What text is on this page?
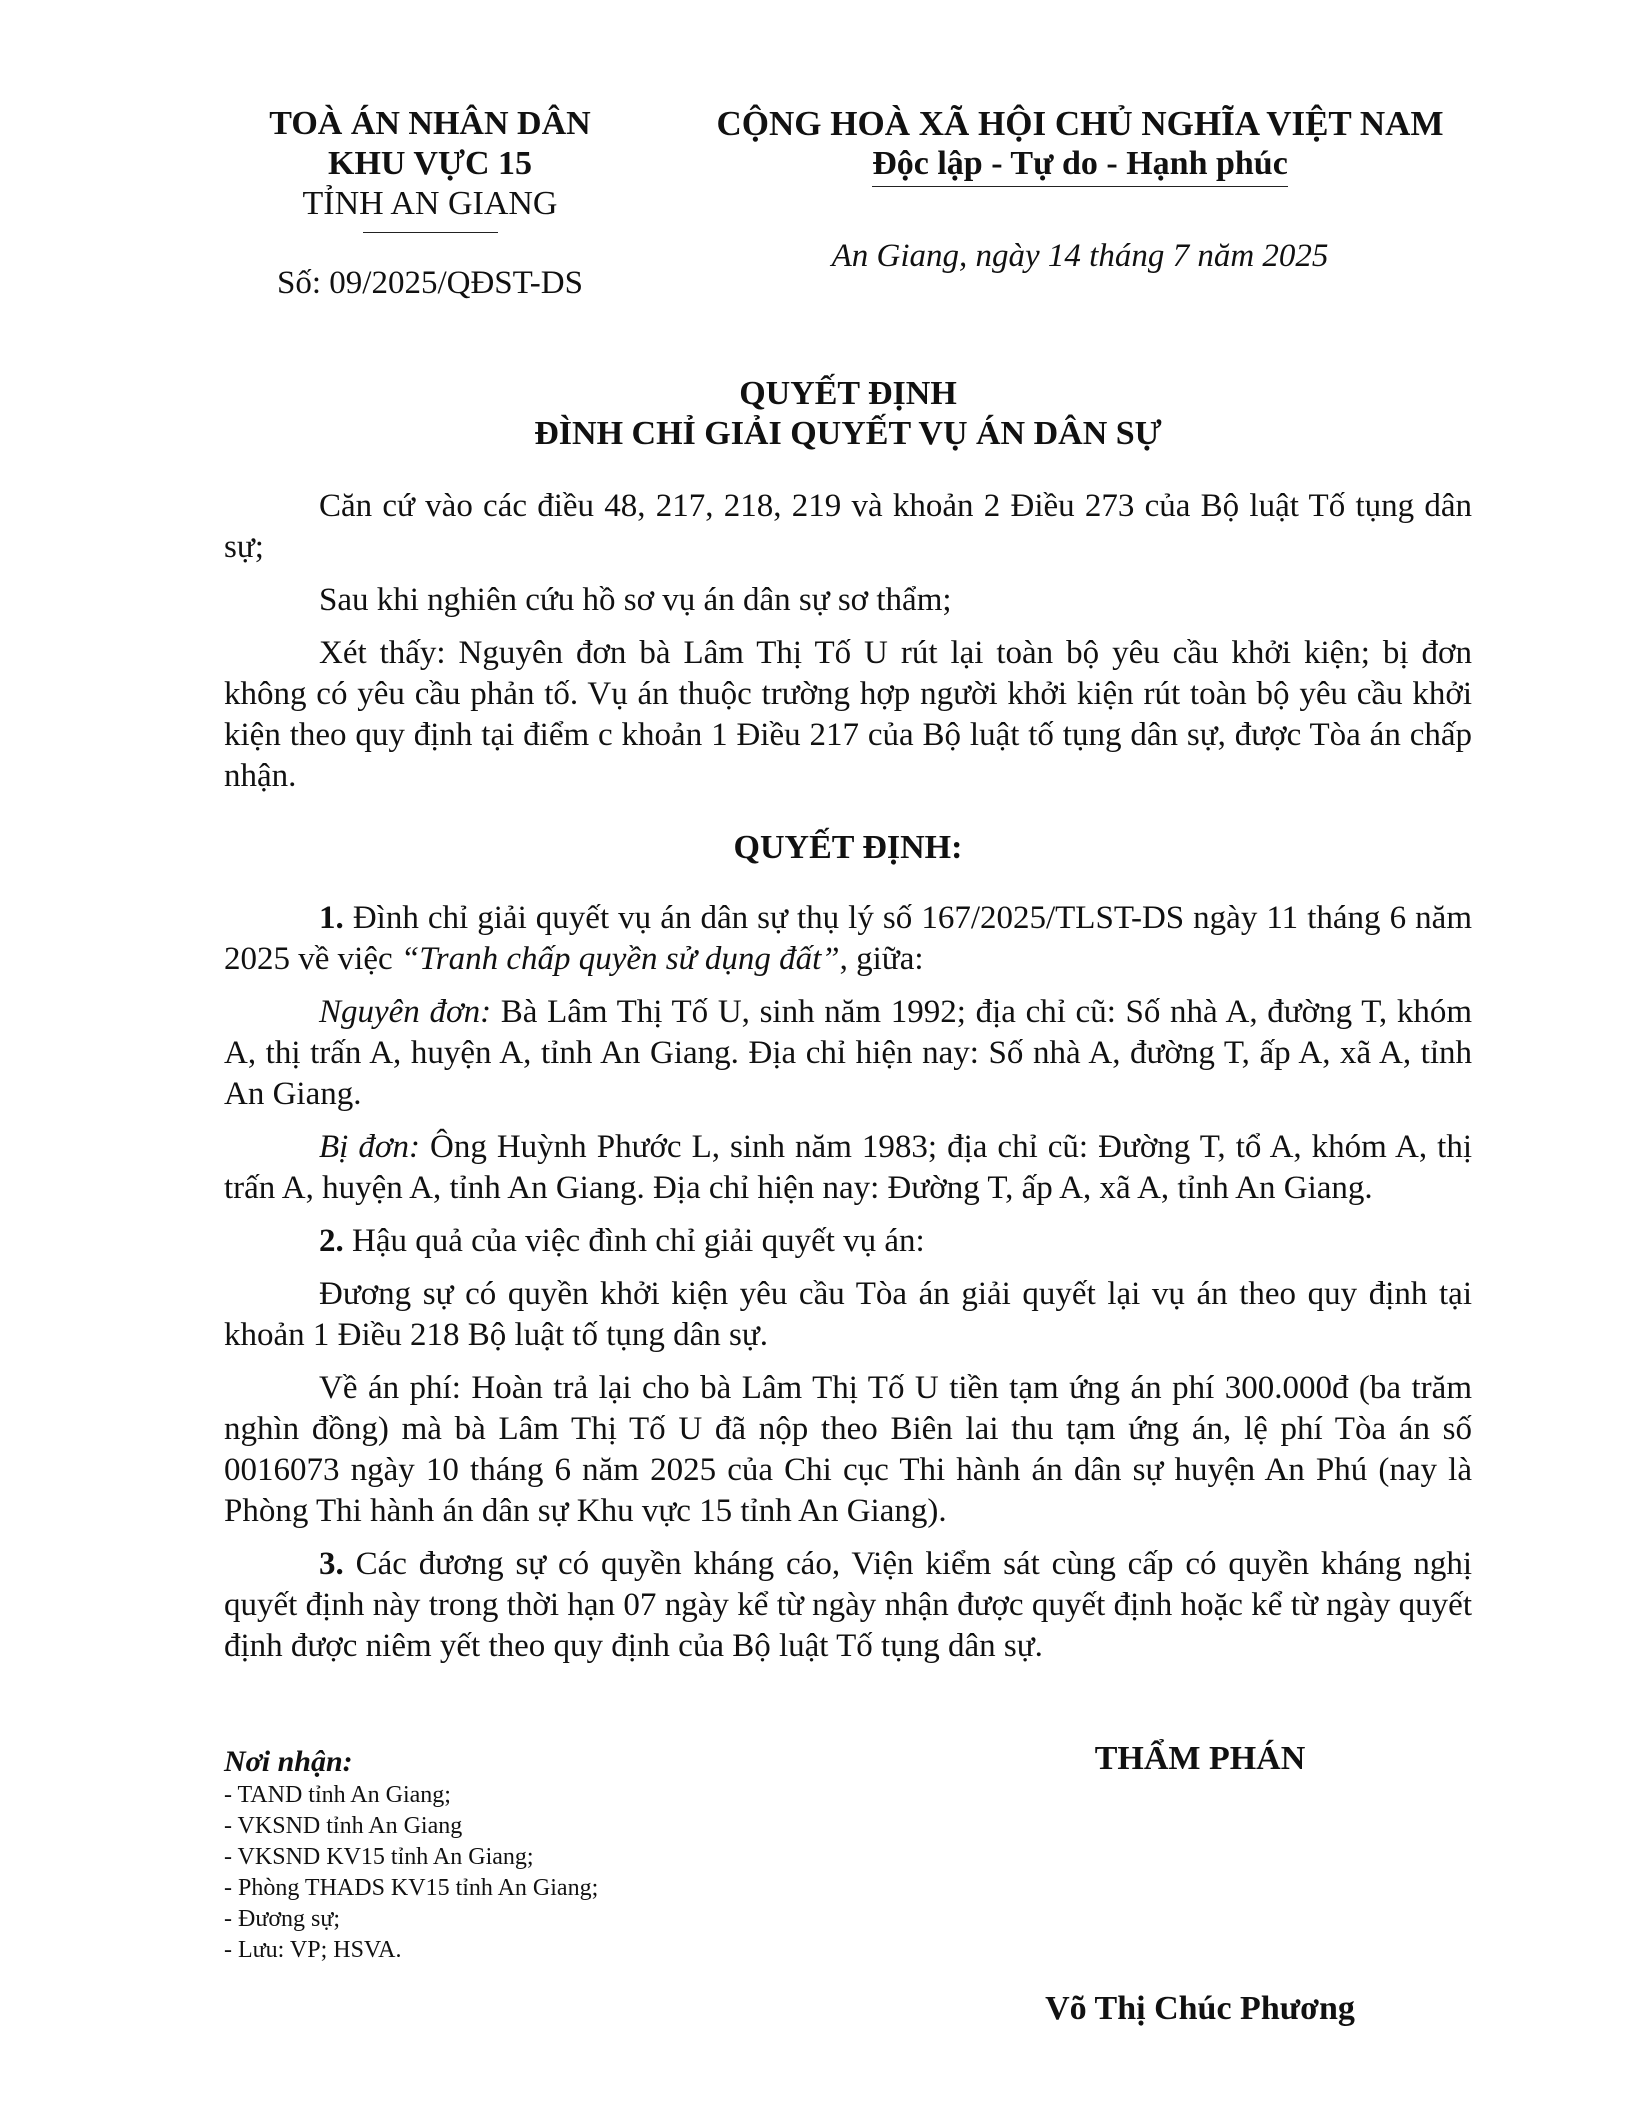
TOÀ ÁN NHÂN DÂN
KHU VỰC 15
TỈNH AN GIANG
Số: 09/2025/QĐST-DS
CỘNG HOÀ XÃ HỘI CHỦ NGHĨA VIỆT NAM
Độc lập - Tự do - Hạnh phúc
An Giang, ngày 14 tháng 7 năm 2025
QUYẾT ĐỊNH
ĐÌNH CHỈ GIẢI QUYẾT VỤ ÁN DÂN SỰ

Căn cứ vào các điều 48, 217, 218, 219 và khoản 2 Điều 273 của Bộ luật Tố tụng dân sự;

Sau khi nghiên cứu hồ sơ vụ án dân sự sơ thẩm;

Xét thấy: Nguyên đơn bà Lâm Thị Tố U rút lại toàn bộ yêu cầu khởi kiện; bị đơn không có yêu cầu phản tố. Vụ án thuộc trường hợp người khởi kiện rút toàn bộ yêu cầu khởi kiện theo quy định tại điểm c khoản 1 Điều 217 của Bộ luật tố tụng dân sự, được Tòa án chấp nhận.

QUYẾT ĐỊNH:

1. Đình chỉ giải quyết vụ án dân sự thụ lý số 167/2025/TLST-DS ngày 11 tháng 6 năm 2025 về việc “Tranh chấp quyền sử dụng đất”, giữa:

Nguyên đơn: Bà Lâm Thị Tố U, sinh năm 1992; địa chỉ cũ: Số nhà A, đường T, khóm A, thị trấn A, huyện A, tỉnh An Giang. Địa chỉ hiện nay: Số nhà A, đường T, ấp A, xã A, tỉnh An Giang.

Bị đơn: Ông Huỳnh Phước L, sinh năm 1983; địa chỉ cũ: Đường T, tổ A, khóm A, thị trấn A, huyện A, tỉnh An Giang. Địa chỉ hiện nay: Đường T, ấp A, xã A, tỉnh An Giang.

2. Hậu quả của việc đình chỉ giải quyết vụ án:

Đương sự có quyền khởi kiện yêu cầu Tòa án giải quyết lại vụ án theo quy định tại khoản 1 Điều 218 Bộ luật tố tụng dân sự.

Về án phí: Hoàn trả lại cho bà Lâm Thị Tố U tiền tạm ứng án phí 300.000đ (ba trăm nghìn đồng) mà bà Lâm Thị Tố U đã nộp theo Biên lai thu tạm ứng án, lệ phí Tòa án số 0016073 ngày 10 tháng 6 năm 2025 của Chi cục Thi hành án dân sự huyện An Phú (nay là Phòng Thi hành án dân sự Khu vực 15 tỉnh An Giang).

3. Các đương sự có quyền kháng cáo, Viện kiểm sát cùng cấp có quyền kháng nghị quyết định này trong thời hạn 07 ngày kể từ ngày nhận được quyết định hoặc kể từ ngày quyết định được niêm yết theo quy định của Bộ luật Tố tụng dân sự.

Nơi nhận:
- TAND tỉnh An Giang;
- VKSND tỉnh An Giang
- VKSND KV15 tỉnh An Giang;
- Phòng THADS KV15 tỉnh An Giang;
- Đương sự;
- Lưu: VP; HSVA.
THẨM PHÁN
Võ Thị Chúc Phương
